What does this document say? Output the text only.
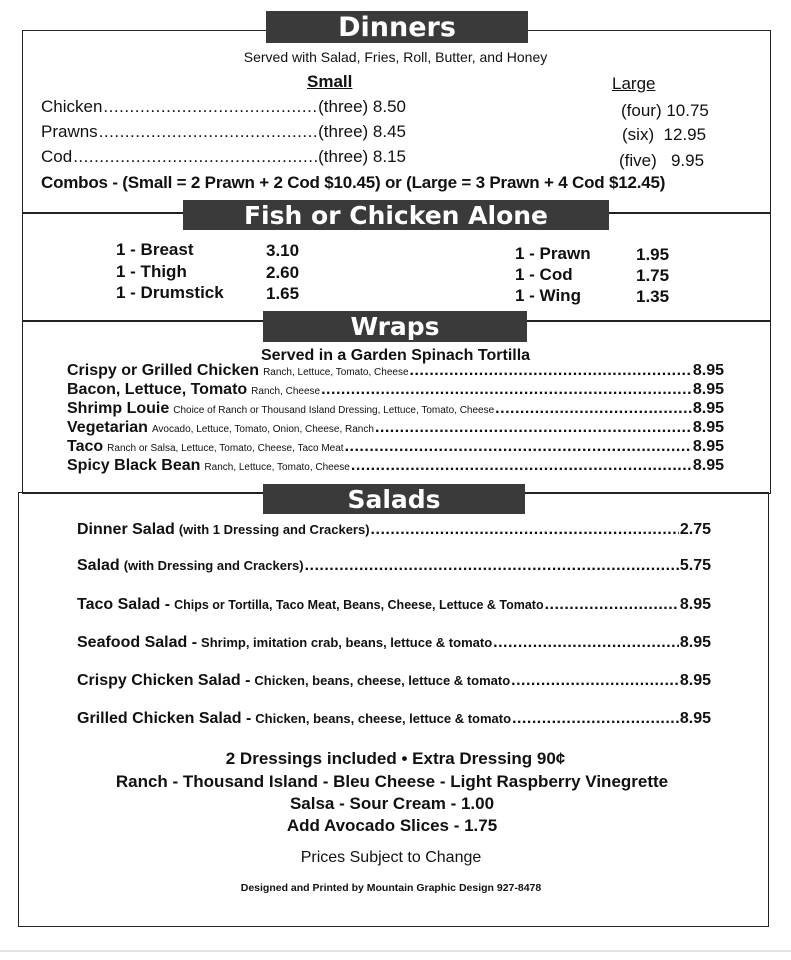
Dinners
Served with Salad, Fries, Roll, Butter, and Honey
Small	Large
Chicken .....	(three) 8.50	(four) 10.75
Prawns .....	(three) 8.45	(six)  12.95
Cod .....	(three) 8.15	(five)   9.95
Combos - (Small = 2 Prawn + 2 Cod $10.45) or (Large = 3 Prawn + 4 Cod $12.45)
Fish or Chicken Alone
1 - Breast	3.10
1 - Thigh	2.60
1 - Drumstick 1.65
1 - Prawn	1.95
1 - Cod	1.75
1 - Wing	1.35
Wraps
Served in a Garden Spinach Tortilla
Crispy or Grilled Chicken Ranch, Lettuce, Tomato, Cheese .....	8.95
Bacon, Lettuce, Tomato Ranch, Cheese .....	8.95
Shrimp Louie Choice of Ranch or Thousand Island Dressing, Lettuce, Tomato, Cheese .....	8.95
Vegetarian Avocado, Lettuce, Tomato, Onion, Cheese, Ranch .....	8.95
Taco Ranch or Salsa, Lettuce, Tomato, Cheese, Taco Meat .....	8.95
Spicy Black Bean Ranch, Lettuce, Tomato, Cheese .....	8.95
Salads
Dinner Salad (with 1 Dressing and Crackers) .....	2.75
Salad (with Dressing and Crackers) .....	5.75
Taco Salad - Chips or Tortilla, Taco Meat, Beans, Cheese, Lettuce & Tomato .....	8.95
Seafood Salad - Shrimp, imitation crab, beans, lettuce & tomato .....	8.95
Crispy Chicken Salad - Chicken, beans, cheese, lettuce & tomato .....	8.95
Grilled Chicken Salad - Chicken, beans, cheese, lettuce & tomato .....	8.95
2 Dressings included • Extra Dressing 90¢
Ranch - Thousand Island - Bleu Cheese - Light Raspberry Vinegrette
Salsa - Sour Cream - 1.00
Add Avocado Slices - 1.75
Prices Subject to Change
Designed and Printed by Mountain Graphic Design 927-8478
